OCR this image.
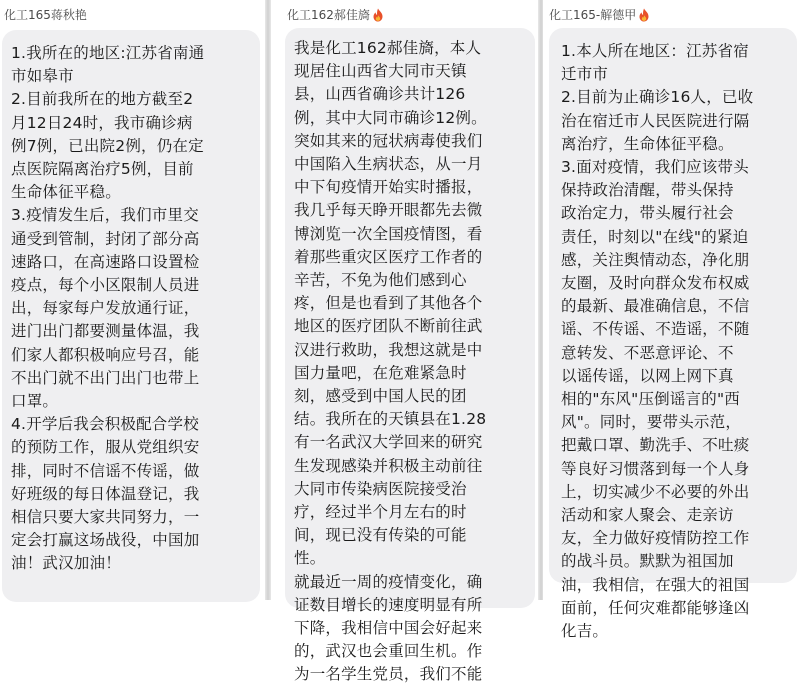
化工165蒋秋艳
1.我所在的地区:江苏省南通
市如皋市
2.目前我所在的地方截至2
月12日24时，我市确诊病
例7例，已出院2例，仍在定
点医院隔离治疗5例，目前
生命体征平稳。
3.疫情发生后，我们市里交
通受到管制，封闭了部分高
速路口，在高速路口设置检
疫点，每个小区限制人员进
出，每家每户发放通行证，
进门出门都要测量体温，我
们家人都积极响应号召，能
不出门就不出门出门也带上
口罩。
4.开学后我会积极配合学校
的预防工作，服从党组织安
排，同时不信谣不传谣，做
好班级的每日体温登记，我
相信只要大家共同努力，一
定会打赢这场战役，中国加
油！武汉加油！
化工162郝佳旖
我是化工162郝佳旖，本人
现居住山西省大同市天镇
县，山西省确诊共计126
例，其中大同市确诊12例。
突如其来的冠状病毒使我们
中国陷入生病状态，从一月
中下旬疫情开始实时播报，
我几乎每天睁开眼都先去微
博浏览一次全国疫情图，看
着那些重灾区医疗工作者的
辛苦，不免为他们感到心
疼，但是也看到了其他各个
地区的医疗团队不断前往武
汉进行救助，我想这就是中
国力量吧，在危难紧急时
刻，感受到中国人民的团
结。我所在的天镇县在1.28
有一名武汉大学回来的研究
生发现感染并积极主动前往
大同市传染病医院接受治
疗，经过半个月左右的时
间，现已没有传染的可能
性。
就最近一周的疫情变化，确
证数目增长的速度明显有所
下降，我相信中国会好起来
的，武汉也会重回生机。作
为一名学生党员，我们不能
化工165-解德甲
1.本人所在地区：江苏省宿
迁市市
2.目前为止确诊16人，已收
治在宿迁市人民医院进行隔
离治疗，生命体征平稳。
3.面对疫情，我们应该带头
保持政治清醒，带头保持
政治定力，带头履行社会
责任，时刻以"在线"的紧迫
感，关注舆情动态，净化朋
友圈，及时向群众发布权威
的最新、最准确信息，不信
谣、不传谣、不造谣，不随
意转发、不恶意评论、不
以谣传谣，以网上网下真
相的"东风"压倒谣言的"西
风"。同时，要带头示范，
把戴口罩、勤洗手、不吐痰
等良好习惯落到每一个人身
上，切实减少不必要的外出
活动和家人聚会、走亲访
友，全力做好疫情防控工作
的战斗员。默默为祖国加
油，我相信，在强大的祖国
面前，任何灾难都能够逢凶
化吉。
